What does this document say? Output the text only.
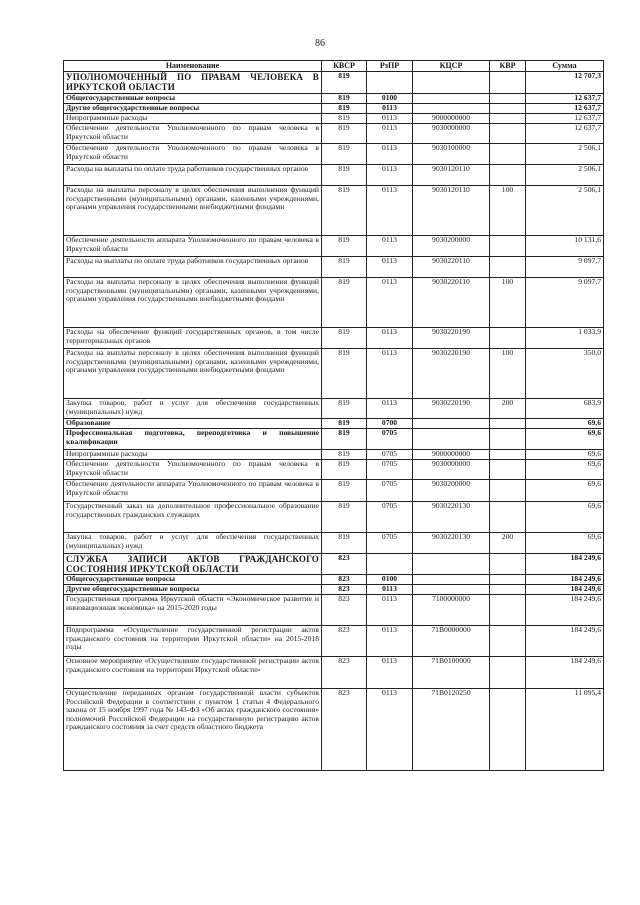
86
Наименование	КВСР	РзПР	КЦСР	КВР	Сумма
УПОЛНОМОЧЕННЫЙ ПО ПРАВАМ ЧЕЛОВЕКА В ИРКУТСКОЙ ОБЛАСТИ	819				12 707,3
Общегосударственные вопросы	819	0100			12 637,7
Другие общегосударственные вопросы	819	0113			12 637,7
Непрограммные расходы	819	0113	9000000000		12 637,7
Обеспечение деятельности Уполномоченного по правам человека в Иркутской области	819	0113	9030000000		12 637,7
Обеспечение деятельности Уполномоченного по правам человека в Иркутской области	819	0113	9030100000		2 506,1
Расходы на выплаты по оплате труда работников государственных органов	819	0113	9030120110		2 506,1
Расходы на выплаты персоналу в целях обеспечения выполнения функций государственными (муниципальными) органами, казенными учреждениями, органами управления государственными внебюджетными фондами	819	0113	9030120110	100	2 506,1
Обеспечение деятельности аппарата Уполномоченного по правам человека в Иркутской области	819	0113	9030200000		10 131,6
Расходы на выплаты по оплате труда работников государственных органов	819	0113	9030220110		9 097,7
Расходы на выплаты персоналу в целях обеспечения выполнения функций государственными (муниципальными) органами, казенными учреждениями, органами управления государственными внебюджетными фондами	819	0113	9030220110	100	9 097,7
Расходы на обеспечение функций государственных органов, в том числе территориальных органов	819	0113	9030220190		1 033,9
Расходы на выплаты персоналу в целях обеспечения выполнения функций государственными (муниципальными) органами, казенными учреждениями, органами управления государственными внебюджетными фондами	819	0113	9030220190	100	350,0
Закупка товаров, работ и услуг для обеспечения государственных (муниципальных) нужд	819	0113	9030220190	200	683,9
Образование	819	0700			69,6
Профессиональная подготовка, переподготовка и повышение квалификации	819	0705			69,6
Непрограммные расходы	819	0705	9000000000		69,6
Обеспечение деятельности Уполномоченного по правам человека в Иркутской области	819	0705	9030000000		69,6
Обеспечение деятельности аппарата Уполномоченного по правам человека в Иркутской области	819	0705	9030200000		69,6
Государственный заказ на дополнительное профессиональное образование государственных гражданских служащих	819	0705	9030220130		69,6
Закупка товаров, работ и услуг для обеспечения государственных (муниципальных) нужд	819	0705	9030220130	200	69,6
СЛУЖБА ЗАПИСИ АКТОВ ГРАЖДАНСКОГО СОСТОЯНИЯ ИРКУТСКОЙ ОБЛАСТИ	823				184 249,6
Общегосударственные вопросы	823	0100			184 249,6
Другие общегосударственные вопросы	823	0113			184 249,6
Государственная программа Иркутской области «Экономическое развитие и инновационная экономика» на 2015-2020 годы	823	0113	7100000000		184 249,6
Подпрограмма «Осуществление государственной регистрации актов гражданского состояния на территории Иркутской области» на 2015-2018 годы	823	0113	71В0000000		184 249,6
Основное мероприятие «Осуществление государственной регистрации актов гражданского состояния на территории Иркутской области»	823	0113	71В0100000		184 249,6
Осуществление переданных органам государственной власти субъектов Российской Федерации в соответствии с пунктом 1 статьи 4 Федерального закона от 15 ноября 1997 года № 143-ФЗ «Об актах гражданского состояния» полномочий Российской Федерации на государственную регистрацию актов гражданского состояния за счет средств областного бюджета	823	0113	71В0120250		11 095,4
